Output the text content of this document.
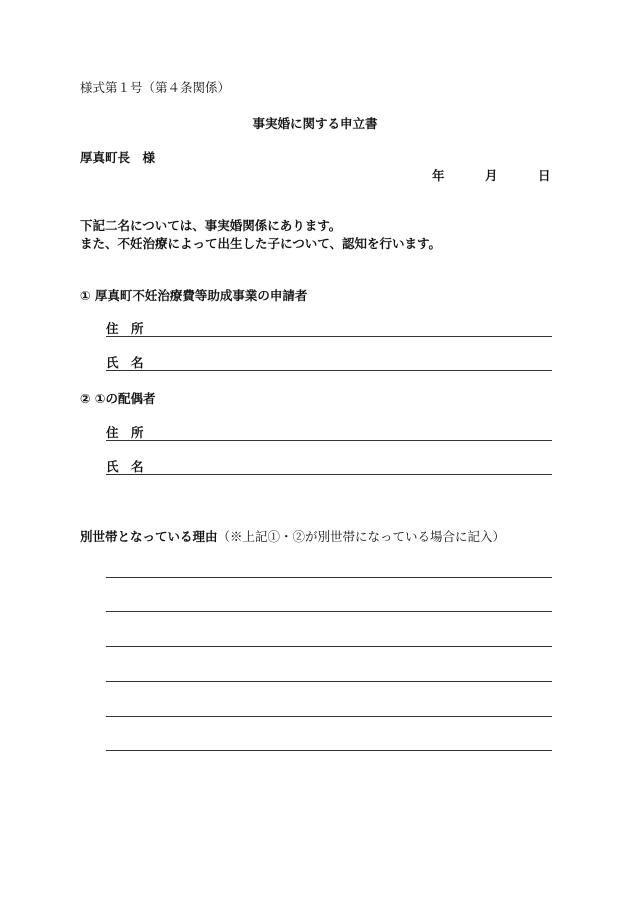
様式第１号（第４条関係）
事実婚に関する申立書
厚真町長　様
年	月	日
下記二名については、事実婚関係にあります。
また、不妊治療によって出生した子について、認知を行います。
① 厚真町不妊治療費等助成事業の申請者
住　所
氏　名
② ①の配偶者
住　所
氏　名
別世帯となっている理由（※上記①・②が別世帯になっている場合に記入）
